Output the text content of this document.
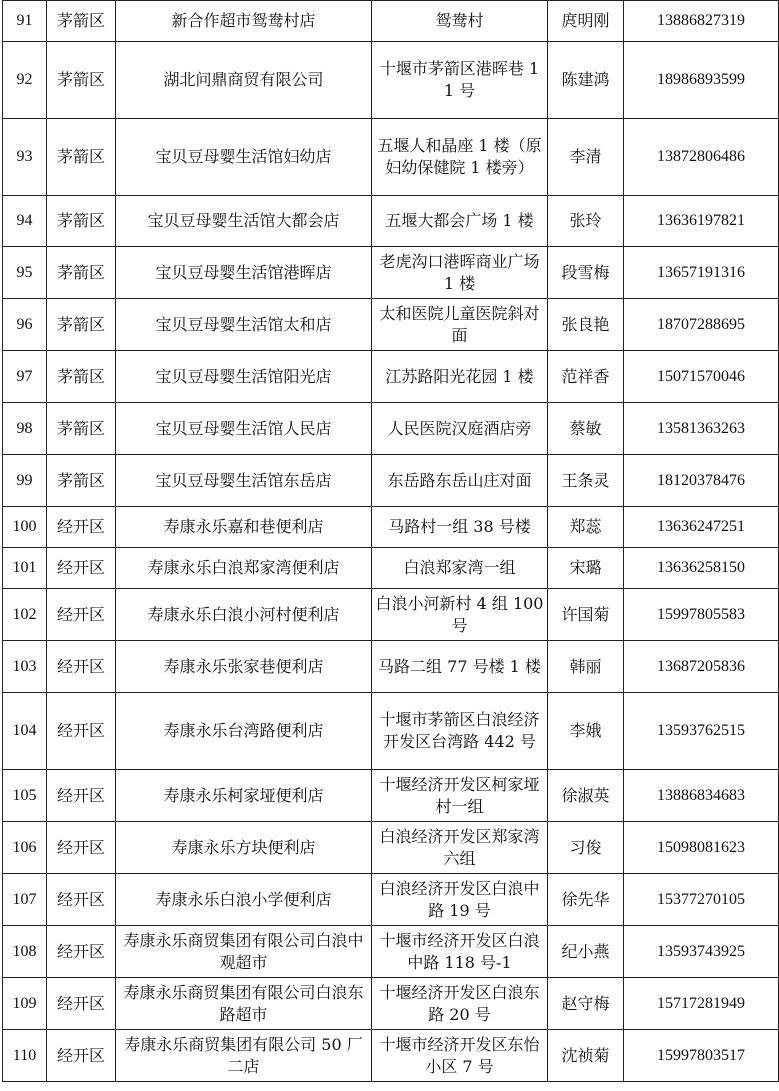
91	茅箭区	新合作超市鸳鸯村店	鸳鸯村	庹明刚	13886827319
92	茅箭区	湖北问鼎商贸有限公司	十堰市茅箭区港晖巷 11 号	陈建鸿	18986893599
93	茅箭区	宝贝豆母婴生活馆妇幼店	五堰人和晶座 1 楼（原妇幼保健院 1 楼旁）	李清	13872806486
94	茅箭区	宝贝豆母婴生活馆大都会店	五堰大都会广场 1 楼	张玲	13636197821
95	茅箭区	宝贝豆母婴生活馆港晖店	老虎沟口港晖商业广场 1 楼	段雪梅	13657191316
96	茅箭区	宝贝豆母婴生活馆太和店	太和医院儿童医院斜对面	张良艳	18707288695
97	茅箭区	宝贝豆母婴生活馆阳光店	江苏路阳光花园 1 楼	范祥香	15071570046
98	茅箭区	宝贝豆母婴生活馆人民店	人民医院汉庭酒店旁	蔡敏	13581363263
99	茅箭区	宝贝豆母婴生活馆东岳店	东岳路东岳山庄对面	王条灵	18120378476
100	经开区	寿康永乐嘉和巷便利店	马路村一组 38 号楼	郑蕊	13636247251
101	经开区	寿康永乐白浪郑家湾便利店	白浪郑家湾一组	宋璐	13636258150
102	经开区	寿康永乐白浪小河村便利店	白浪小河新村 4 组 100 号	许国菊	15997805583
103	经开区	寿康永乐张家巷便利店	马路二组 77 号楼 1 楼	韩丽	13687205836
104	经开区	寿康永乐台湾路便利店	十堰市茅箭区白浪经济开发区台湾路 442 号	李娥	13593762515
105	经开区	寿康永乐柯家垭便利店	十堰经济开发区柯家垭村一组	徐淑英	13886834683
106	经开区	寿康永乐方块便利店	白浪经济开发区郑家湾六组	习俊	15098081623
107	经开区	寿康永乐白浪小学便利店	白浪经济开发区白浪中路 19 号	徐先华	15377270105
108	经开区	寿康永乐商贸集团有限公司白浪中观超市	十堰市经济开发区白浪中路 118 号-1	纪小燕	13593743925
109	经开区	寿康永乐商贸集团有限公司白浪东路超市	十堰经济开发区白浪东路 20 号	赵守梅	15717281949
110	经开区	寿康永乐商贸集团有限公司 50 厂二店	十堰市经济开发区东怡小区 7 号	沈祯菊	15997803517
